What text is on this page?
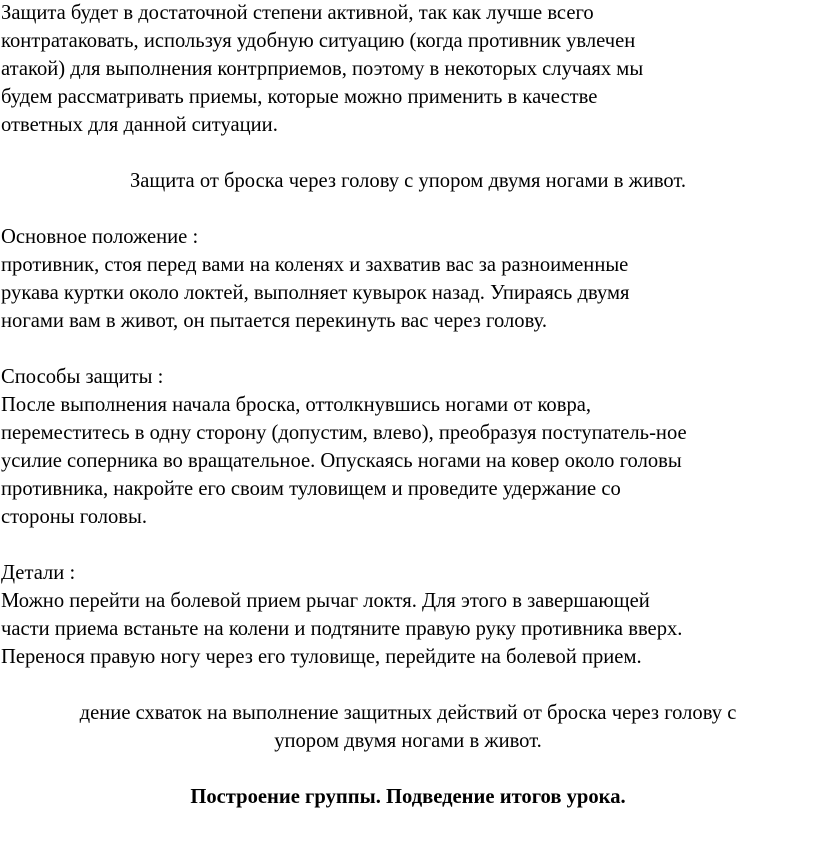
Защита будет в достаточной степени активной, так как лучше всего
контратаковать, используя удобную ситуацию (когда противник увлечен
атакой) для выполнения контрприемов, поэтому в некоторых случаях мы
будем рассматривать приемы, которые можно применить в качестве
ответных для данной ситуации.

Защита от броска через голову с упором двумя ногами в живот.

Основное положение :
противник, стоя перед вами на коленях и захватив вас за разноименные
рукава куртки около локтей, выполняет кувырок назад. Упираясь двумя
ногами вам в живот, он пытается перекинуть вас через голову.

Способы защиты :
После выполнения начала броска, оттолкнувшись ногами от ковра,
переместитесь в одну сторону (допустим, влево), преобразуя поступатель-ное
усилие соперника во вращательное. Опускаясь ногами на ковер около головы
противника, накройте его своим туловищем и проведите удержание со
стороны головы.

Детали :
Можно перейти на болевой прием рычаг локтя. Для этого в завершающей
части приема встаньте на колени и подтяните правую руку противника вверх.
Перенося правую ногу через его туловище, перейдите на болевой прием.

дение схваток на выполнение защитных действий от броска через голову с
упором двумя ногами в живот.

Построение группы. Подведение итогов урока.
